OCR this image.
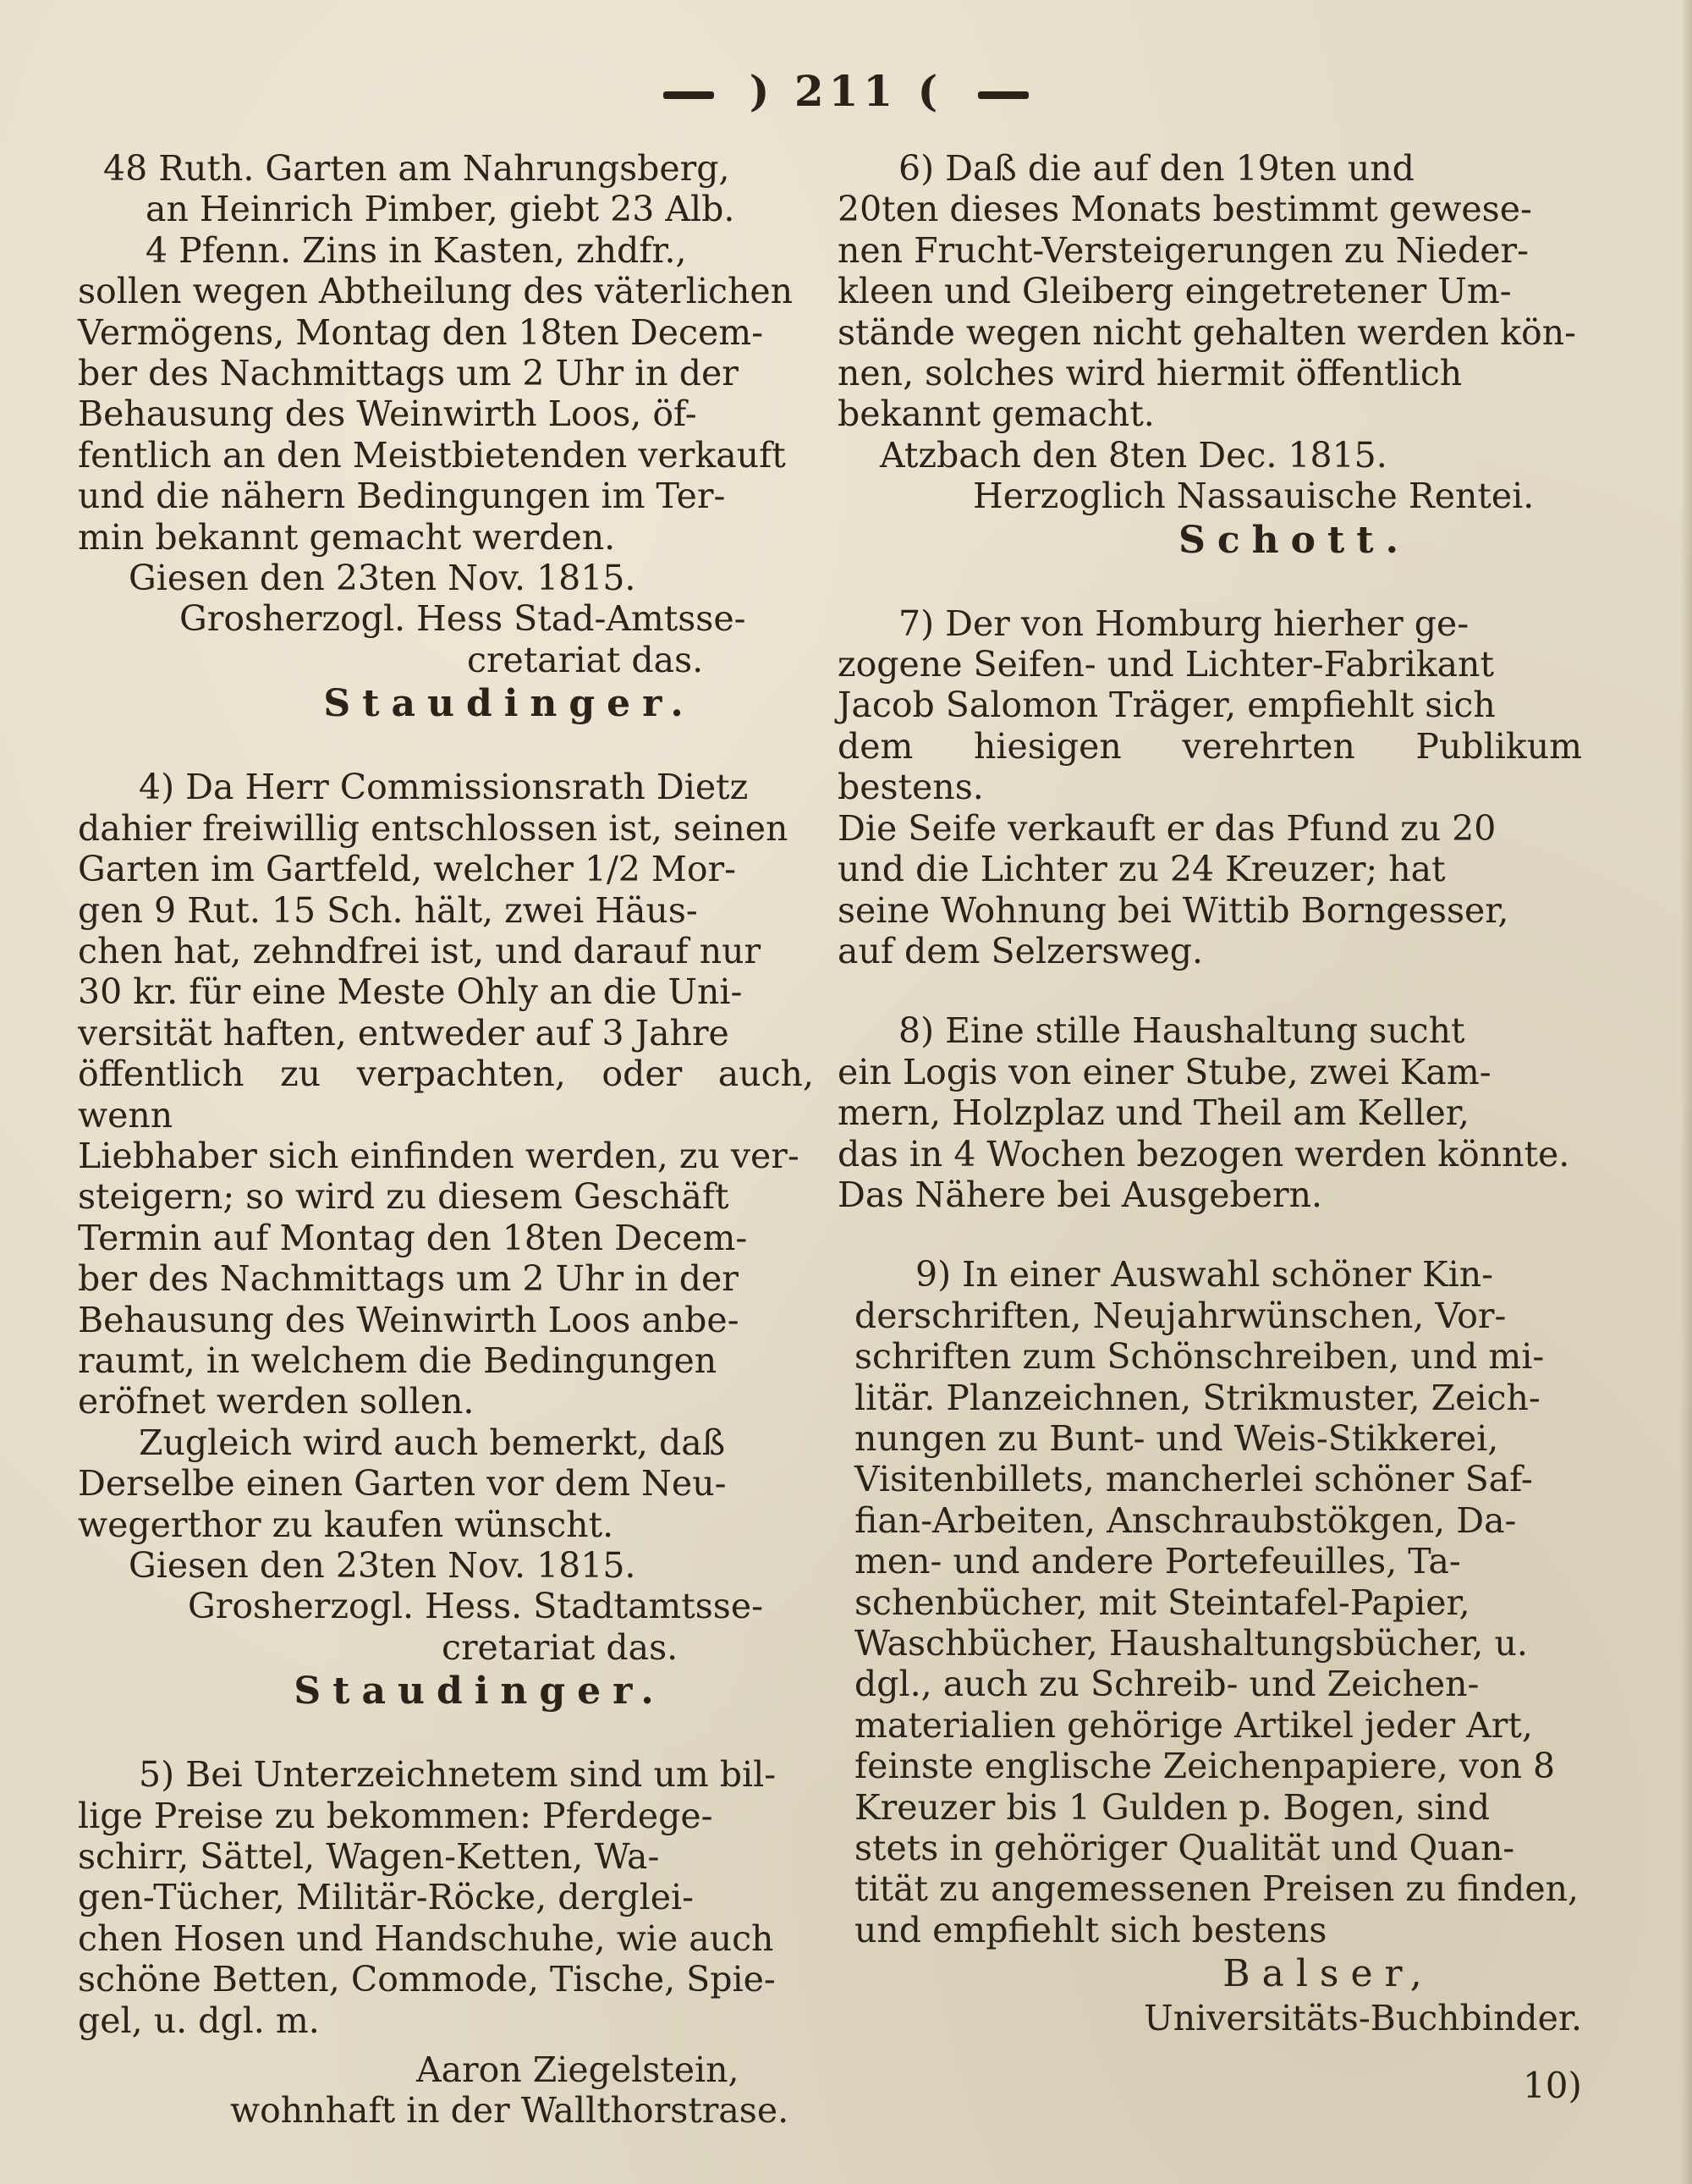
) 211 (

48 Ruth. Garten am Nahrungsberg,

an Heinrich Pimber, giebt 23 Alb.

4 Pfenn. Zins in Kasten, zhdfr.,

sollen wegen Abtheilung des väterlichen

Vermögens, Montag den 18ten Decem-

ber des Nachmittags um 2 Uhr in der

Behausung des Weinwirth Loos, öf-

fentlich an den Meistbietenden verkauft

und die nähern Bedingungen im Ter-

min bekannt gemacht werden.

Giesen den 23ten Nov. 1815.

Grosherzogl. Hess Stad-Amtsse-

cretariat das.

Staudinger.

4) Da Herr Commissionsrath Dietz

dahier freiwillig entschlossen ist, seinen

Garten im Gartfeld, welcher 1/2 Mor-

gen 9 Rut. 15 Sch. hält, zwei Häus-

chen hat, zehndfrei ist, und darauf nur

30 kr. für eine Meste Ohly an die Uni-

versität haften, entweder auf 3 Jahre

öffentlich zu verpachten, oder auch, wenn

Liebhaber sich einfinden werden, zu ver-

steigern; so wird zu diesem Geschäft

Termin auf Montag den 18ten Decem-

ber des Nachmittags um 2 Uhr in der

Behausung des Weinwirth Loos anbe-

raumt, in welchem die Bedingungen

eröfnet werden sollen.

Zugleich wird auch bemerkt, daß

Derselbe einen Garten vor dem Neu-

wegerthor zu kaufen wünscht.

Giesen den 23ten Nov. 1815.

Grosherzogl. Hess. Stadtamtsse-

cretariat das.

Staudinger.

5) Bei Unterzeichnetem sind um bil-

lige Preise zu bekommen: Pferdege-

schirr, Sättel, Wagen-Ketten, Wa-

gen-Tücher, Militär-Röcke, derglei-

chen Hosen und Handschuhe, wie auch

schöne Betten, Commode, Tische, Spie-

gel, u. dgl. m.

Aaron Ziegelstein,

wohnhaft in der Wallthorstrase.

6) Daß die auf den 19ten und

20ten dieses Monats bestimmt gewese-

nen Frucht-Versteigerungen zu Nieder-

kleen und Gleiberg eingetretener Um-

stände wegen nicht gehalten werden kön-

nen, solches wird hiermit öffentlich

bekannt gemacht.

Atzbach den 8ten Dec. 1815.

Herzoglich Nassauische Rentei.

Schott.

7) Der von Homburg hierher ge-

zogene Seifen- und Lichter-Fabrikant

Jacob Salomon Träger, empfiehlt sich

dem hiesigen verehrten Publikum bestens.

Die Seife verkauft er das Pfund zu 20

und die Lichter zu 24 Kreuzer; hat

seine Wohnung bei Wittib Borngesser,

auf dem Selzersweg.

8) Eine stille Haushaltung sucht

ein Logis von einer Stube, zwei Kam-

mern, Holzplaz und Theil am Keller,

das in 4 Wochen bezogen werden könnte.

Das Nähere bei Ausgebern.

9) In einer Auswahl schöner Kin-

derschriften, Neujahrwünschen, Vor-

schriften zum Schönschreiben, und mi-

litär. Planzeichnen, Strikmuster, Zeich-

nungen zu Bunt- und Weis-Stikkerei,

Visitenbillets, mancherlei schöner Saf-

fian-Arbeiten, Anschraubstökgen, Da-

men- und andere Portefeuilles, Ta-

schenbücher, mit Steintafel-Papier,

Waschbücher, Haushaltungsbücher, u.

dgl., auch zu Schreib- und Zeichen-

materialien gehörige Artikel jeder Art,

feinste englische Zeichenpapiere, von 8

Kreuzer bis 1 Gulden p. Bogen, sind

stets in gehöriger Qualität und Quan-

tität zu angemessenen Preisen zu finden,

und empfiehlt sich bestens

Balser,

Universitäts-Buchbinder.

10)
